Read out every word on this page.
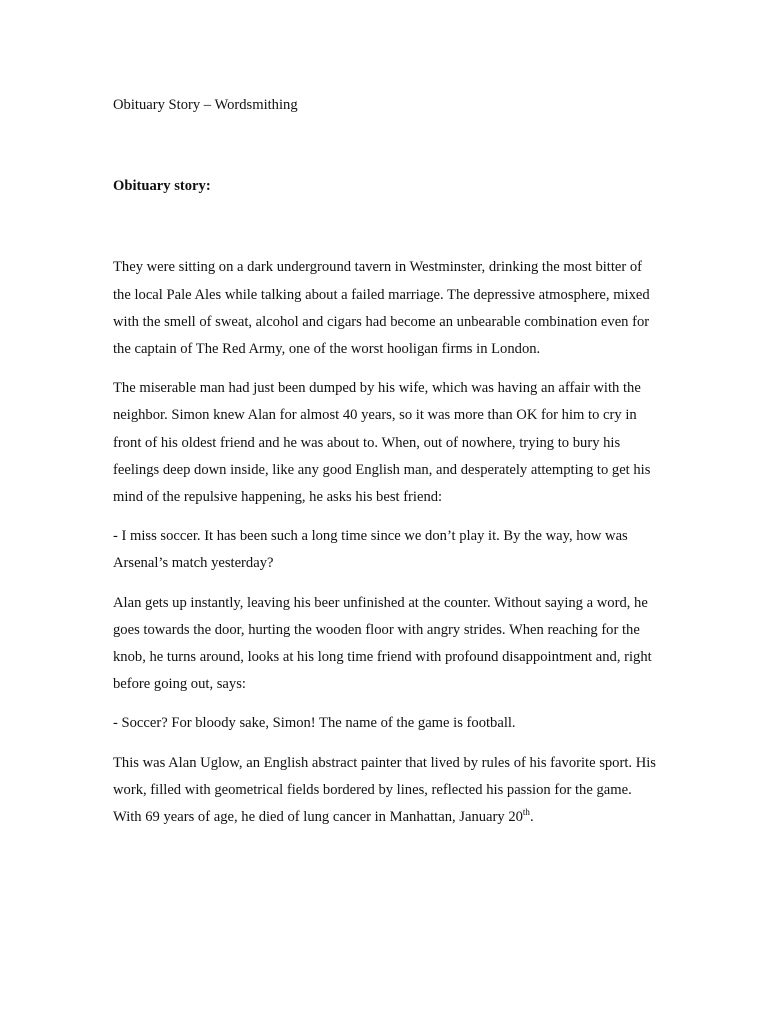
Obituary Story – Wordsmithing

Obituary story:

They were sitting on a dark underground tavern in Westminster, drinking the most bitter of the local Pale Ales while talking about a failed marriage. The depressive atmosphere, mixed with the smell of sweat, alcohol and cigars had become an unbearable combination even for the captain of The Red Army, one of the worst hooligan firms in London.

The miserable man had just been dumped by his wife, which was having an affair with the neighbor. Simon knew Alan for almost 40 years, so it was more than OK for him to cry in front of his oldest friend and he was about to. When, out of nowhere, trying to bury his feelings deep down inside, like any good English man, and desperately attempting to get his mind of the repulsive happening, he asks his best friend:

- I miss soccer. It has been such a long time since we don’t play it. By the way, how was Arsenal’s match yesterday?

Alan gets up instantly, leaving his beer unfinished at the counter. Without saying a word, he goes towards the door, hurting the wooden floor with angry strides. When reaching for the knob, he turns around, looks at his long time friend with profound disappointment and, right before going out, says:

- Soccer? For bloody sake, Simon! The name of the game is football.

This was Alan Uglow, an English abstract painter that lived by rules of his favorite sport. His work, filled with geometrical fields bordered by lines, reflected his passion for the game. With 69 years of age, he died of lung cancer in Manhattan, January 20th.
